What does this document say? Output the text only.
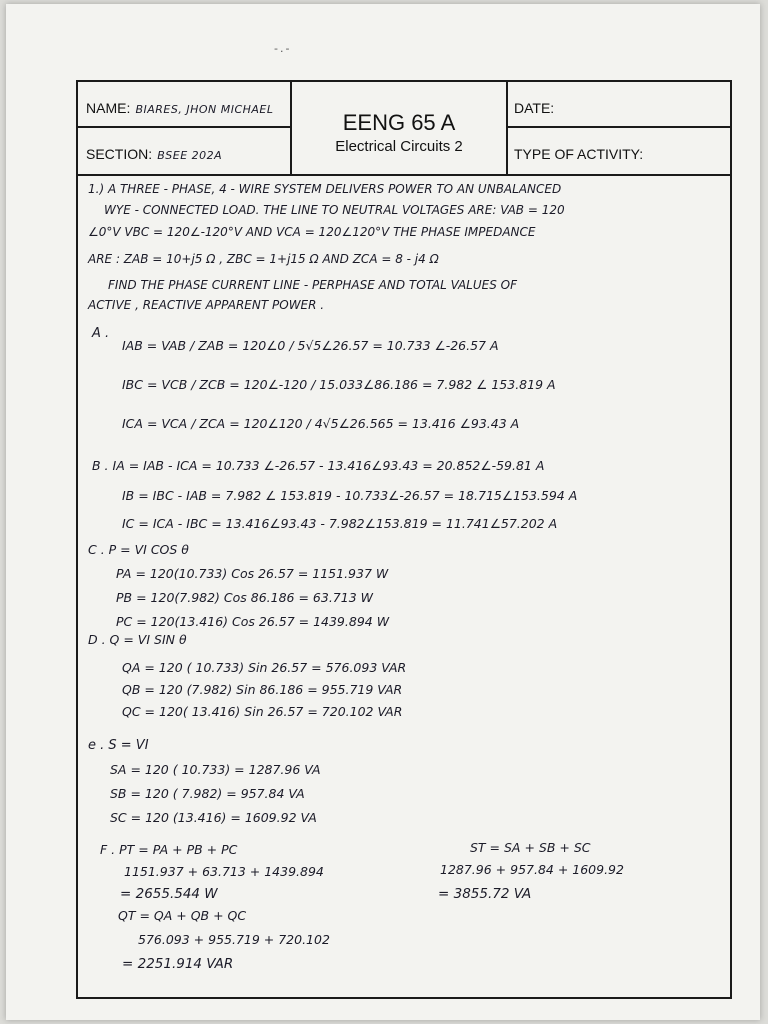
-.-
NAME: BIARES, JHON MICHAEL
SECTION: BSEE 202A
EENG 65 A
Electrical Circuits 2
DATE:
TYPE OF ACTIVITY:
1.) A THREE - PHASE, 4 - WIRE SYSTEM DELIVERS POWER TO AN UNBALANCED
WYE - CONNECTED LOAD. THE LINE TO NEUTRAL VOLTAGES ARE: VAB = 120
∠0°V VBC = 120∠-120°V AND VCA = 120∠120°V THE PHASE IMPEDANCE
ARE : ZAB = 10+j5 Ω , ZBC = 1+j15 Ω AND ZCA = 8 - j4 Ω
FIND THE PHASE CURRENT LINE - PERPHASE AND TOTAL VALUES OF
ACTIVE , REACTIVE APPARENT POWER .
A .
IAB = VAB / ZAB = 120∠0 / 5√5∠26.57 = 10.733 ∠-26.57 A
IBC = VCB / ZCB = 120∠-120 / 15.033∠86.186 = 7.982 ∠ 153.819 A
ICA = VCA / ZCA = 120∠120 / 4√5∠26.565 = 13.416 ∠93.43 A
B . IA = IAB - ICA = 10.733 ∠-26.57 - 13.416∠93.43 = 20.852∠-59.81 A
IB = IBC - IAB = 7.982 ∠ 153.819 - 10.733∠-26.57 = 18.715∠153.594 A
IC = ICA - IBC = 13.416∠93.43 - 7.982∠153.819 = 11.741∠57.202 A
C . P = VI COS θ
PA = 120(10.733) Cos 26.57 = 1151.937 W
PB = 120(7.982) Cos 86.186 = 63.713 W
PC = 120(13.416) Cos 26.57 = 1439.894 W
D . Q = VI SIN θ
QA = 120 ( 10.733) Sin 26.57 = 576.093 VAR
QB = 120 (7.982) Sin 86.186 = 955.719 VAR
QC = 120( 13.416) Sin 26.57 = 720.102 VAR
e . S = VI
SA = 120 ( 10.733) = 1287.96 VA
SB = 120 ( 7.982) = 957.84 VA
SC = 120 (13.416) = 1609.92 VA
F . PT = PA + PB + PC
1151.937 + 63.713 + 1439.894
= 2655.544 W
QT = QA + QB + QC
576.093 + 955.719 + 720.102
= 2251.914 VAR
ST = SA + SB + SC
1287.96 + 957.84 + 1609.92
= 3855.72 VA
